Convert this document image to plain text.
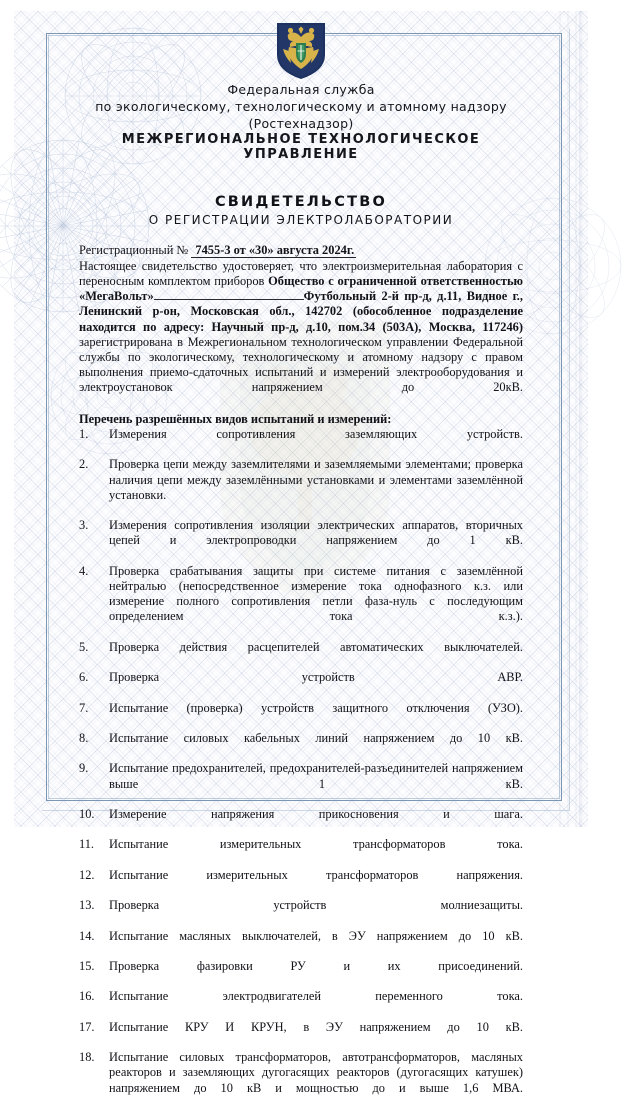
Федеральная служба
по экологическому, технологическому и атомному надзору
(Ростехнадзор)
МЕЖРЕГИОНАЛЬНОЕ ТЕХНОЛОГИЧЕСКОЕ УПРАВЛЕНИЕ
СВИДЕТЕЛЬСТВО
О РЕГИСТРАЦИИ ЭЛЕКТРОЛАБОРАТОРИИ
Регистрационный № 7455-3 от «30» августа 2024г.
Настоящее свидетельство удостоверяет, что электроизмерительная лаборатория с переносным комплектом приборов Общество с ограниченной ответственностью «МегаВольт»	Футбольный 2-й пр-д, д.11, Видное г., Ленинский р-он, Московская обл., 142702 (обособленное подразделение находится по адресу: Научный пр-д, д.10, пом.34 (503А), Москва, 117246) зарегистрирована в Межрегиональном технологическом управлении Федеральной службы по экологическому, технологическому и атомному надзору с правом выполнения приемо-сдаточных испытаний и измерений электрооборудования и электроустановок напряжением до 20кВ.
Перечень разрешённых видов испытаний и измерений:
1.	Измерения сопротивления заземляющих устройств.
2.	Проверка цепи между заземлителями и заземляемыми элементами; проверка наличия цепи между заземлёнными установками и элементами заземлённой установки.
3.	Измерения сопротивления изоляции электрических аппаратов, вторичных цепей и электропроводки напряжением до 1 кВ.
4.	Проверка срабатывания защиты при системе питания с заземлённой нейтралью (непосредственное измерение тока однофазного к.з. или измерение полного сопротивления петли фаза-нуль с последующим определением тока к.з.).
5.	Проверка действия расцепителей автоматических выключателей.
6.	Проверка устройств АВР.
7.	Испытание (проверка) устройств защитного отключения (УЗО).
8.	Испытание силовых кабельных линий напряжением до 10 кВ.
9.	Испытание предохранителей, предохранителей-разъединителей напряжением выше 1 кВ.
10.	Измерение напряжения прикосновения и шага.
11.	Испытание измерительных трансформаторов тока.
12.	Испытание измерительных трансформаторов напряжения.
13.	Проверка устройств молниезащиты.
14.	Испытание масляных выключателей, в ЭУ напряжением до 10 кВ.
15.	Проверка фазировки РУ и их присоединений.
16.	Испытание электродвигателей переменного тока.
17.	Испытание КРУ И КРУН, в ЭУ напряжением до 10 кВ.
18.	Испытание силовых трансформаторов, автотрансформаторов, масляных реакторов и заземляющих дугогасящих реакторов (дугогасящих катушек) напряжением до 10 кВ и мощностью до и выше 1,6 МВА.
